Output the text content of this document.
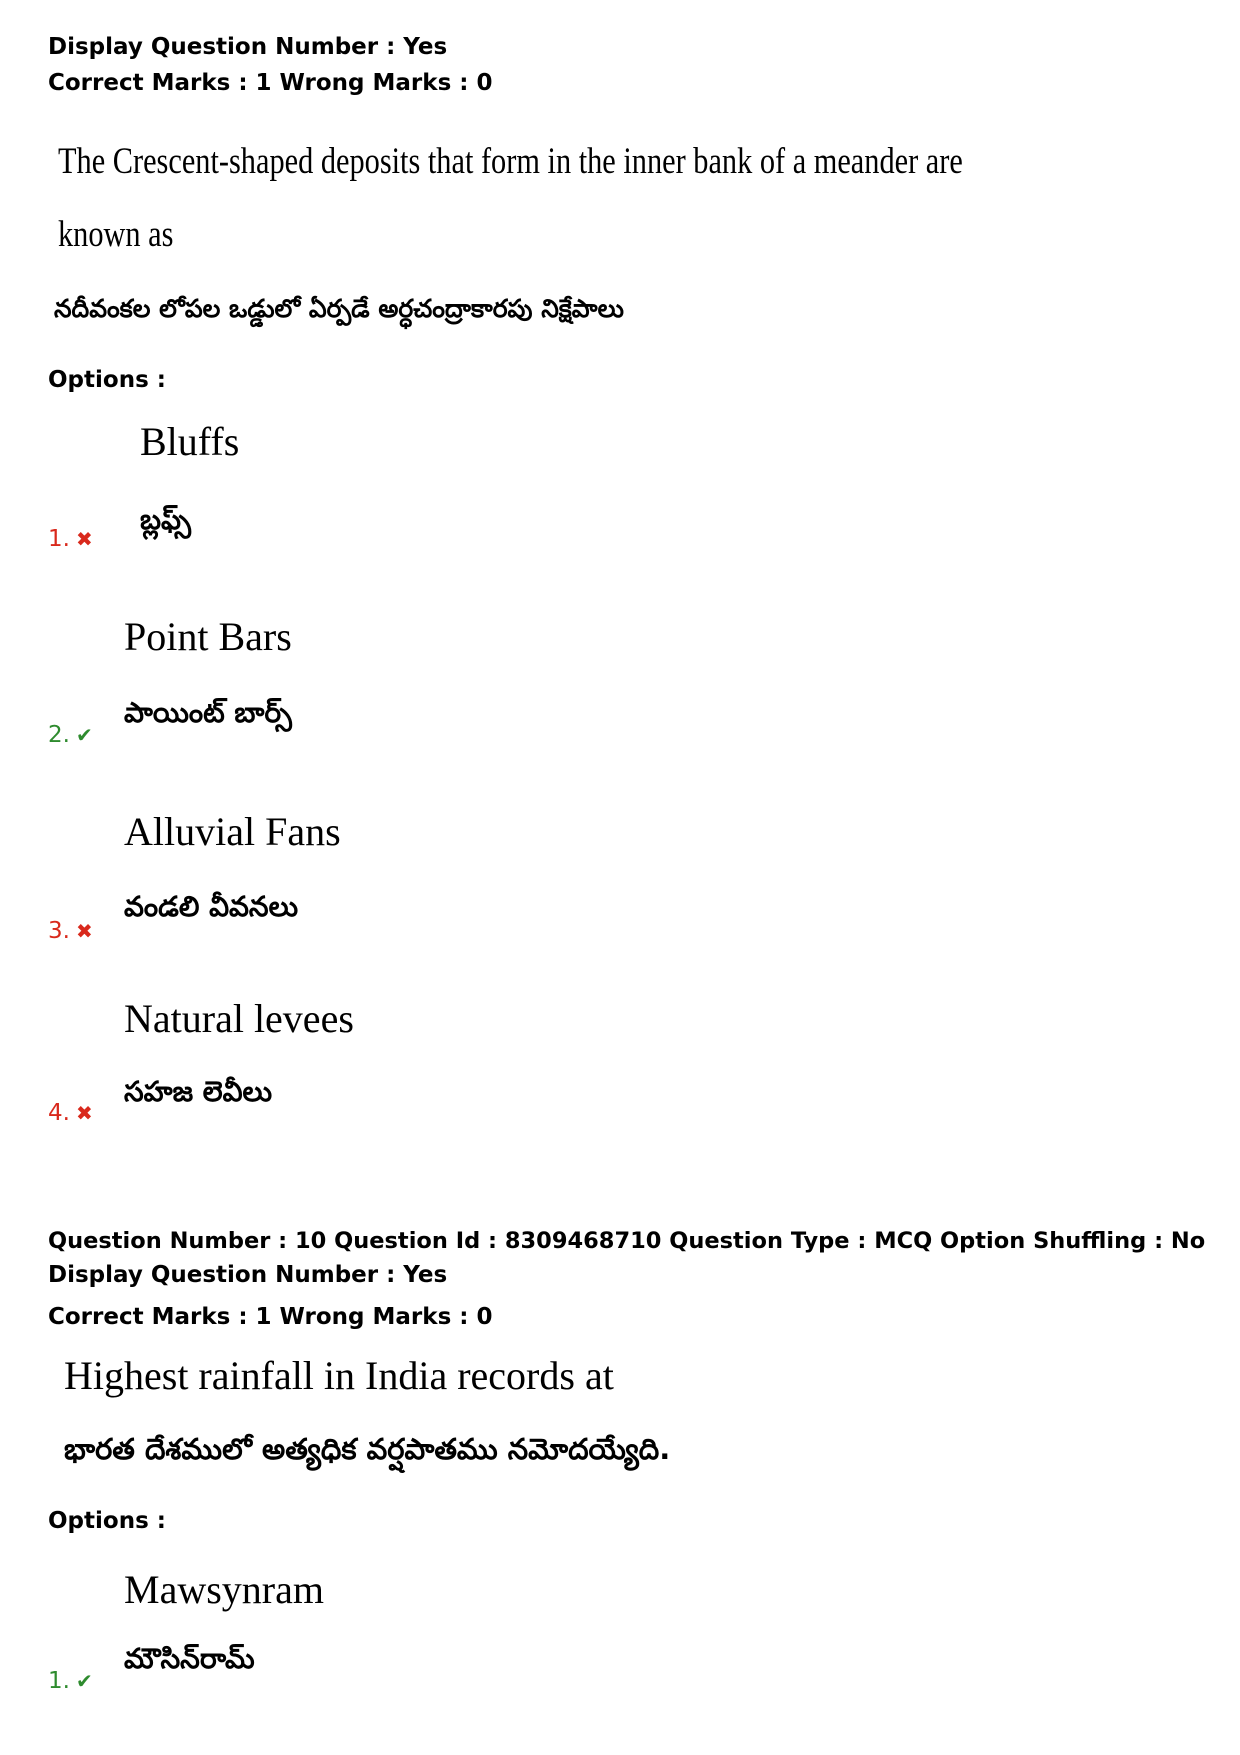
Display Question Number : Yes
Correct Marks : 1 Wrong Marks : 0
The Crescent-shaped deposits that form in the inner bank of a meander are
known as
నదీవంకల లోపల ఒడ్డులో ఏర్పడే అర్ధచంద్రాకారపు నిక్షేపాలు
Options :
Bluffs
బ్లఫ్స్
1. ✖
Point Bars
పాయింట్ బార్స్
2. ✔
Alluvial Fans
వండలి వీవనలు
3. ✖
Natural levees
సహజ లెవీలు
4. ✖
Question Number : 10 Question Id : 8309468710 Question Type : MCQ Option Shuffling : No
Display Question Number : Yes
Correct Marks : 1 Wrong Marks : 0
Highest rainfall in India records at
భారత దేశములో అత్యధిక వర్షపాతము నమోదయ్యేది.
Options :
Mawsynram
మౌసిన్‌రామ్
1. ✔
